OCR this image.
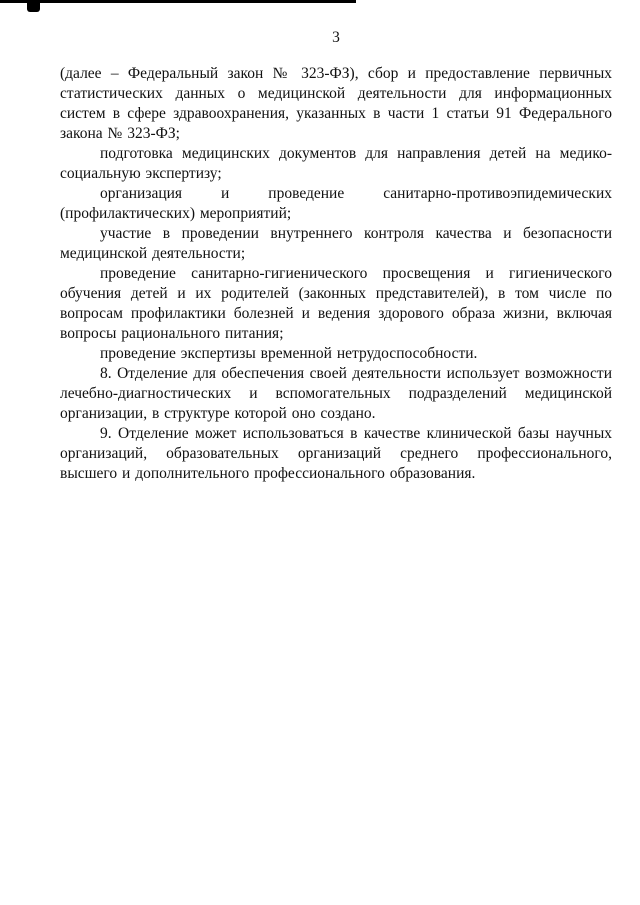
3

(далее – Федеральный закон № 323-ФЗ), сбор и предоставление первичных статистических данных о медицинской деятельности для информационных систем в сфере здравоохранения, указанных в части 1 статьи 91 Федерального закона № 323-ФЗ;

подготовка медицинских документов для направления детей на медико-социальную экспертизу;

организация и проведение санитарно-противоэпидемических (профилактических) мероприятий;

участие в проведении внутреннего контроля качества и безопасности медицинской деятельности;

проведение санитарно-гигиенического просвещения и гигиенического обучения детей и их родителей (законных представителей), в том числе по вопросам профилактики болезней и ведения здорового образа жизни, включая вопросы рационального питания;

проведение экспертизы временной нетрудоспособности.

8. Отделение для обеспечения своей деятельности использует возможности лечебно-диагностических и вспомогательных подразделений медицинской организации, в структуре которой оно создано.

9. Отделение может использоваться в качестве клинической базы научных организаций, образовательных организаций среднего профессионального, высшего и дополнительного профессионального образования.
